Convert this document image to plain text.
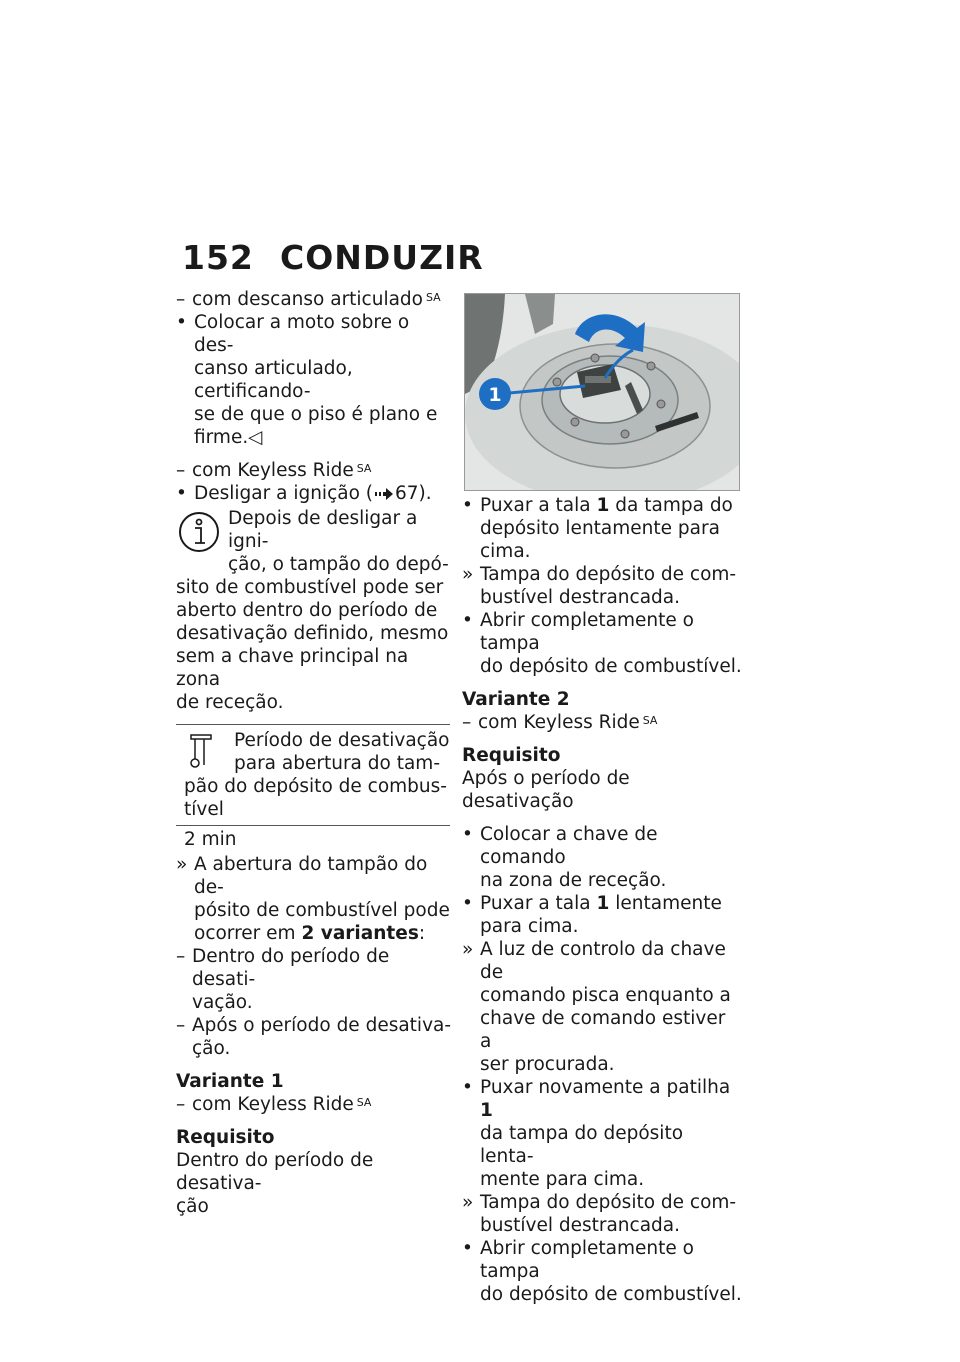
152 CONDUZIR
– com descanso articulado $^{SA}$
• Colocar a moto sobre o des-
canso articulado, certificando-
se de que o piso é plano e
firme.◁
– com Keyless Ride $^{SA}$
• Desligar a ignição ( 67).
Depois de desligar a igni-
ção, o tampão do depó-
sito de combustível pode ser
aberto dentro do período de
desativação definido, mesmo
sem a chave principal na zona
de receção.
Período de desativação
para abertura do tam-
pão do depósito de combus-
tível
2 min
» A abertura do tampão do de-
pósito de combustível pode
ocorrer em 2 variantes:
– Dentro do período de desati-
vação.
– Após o período de desativa-
ção.
Variante 1
– com Keyless Ride $^{SA}$
Requisito
Dentro do período de desativa-
ção
1
• Puxar a tala 1 da tampa do
depósito lentamente para
cima.
» Tampa do depósito de com-
bustível destrancada.
• Abrir completamente o tampa
do depósito de combustível.
Variante 2
– com Keyless Ride $^{SA}$
Requisito
Após o período de desativação
• Colocar a chave de comando
na zona de receção.
• Puxar a tala 1 lentamente
para cima.
» A luz de controlo da chave de
comando pisca enquanto a
chave de comando estiver a
ser procurada.
• Puxar novamente a patilha 1
da tampa do depósito lenta-
mente para cima.
» Tampa do depósito de com-
bustível destrancada.
• Abrir completamente o tampa
do depósito de combustível.
